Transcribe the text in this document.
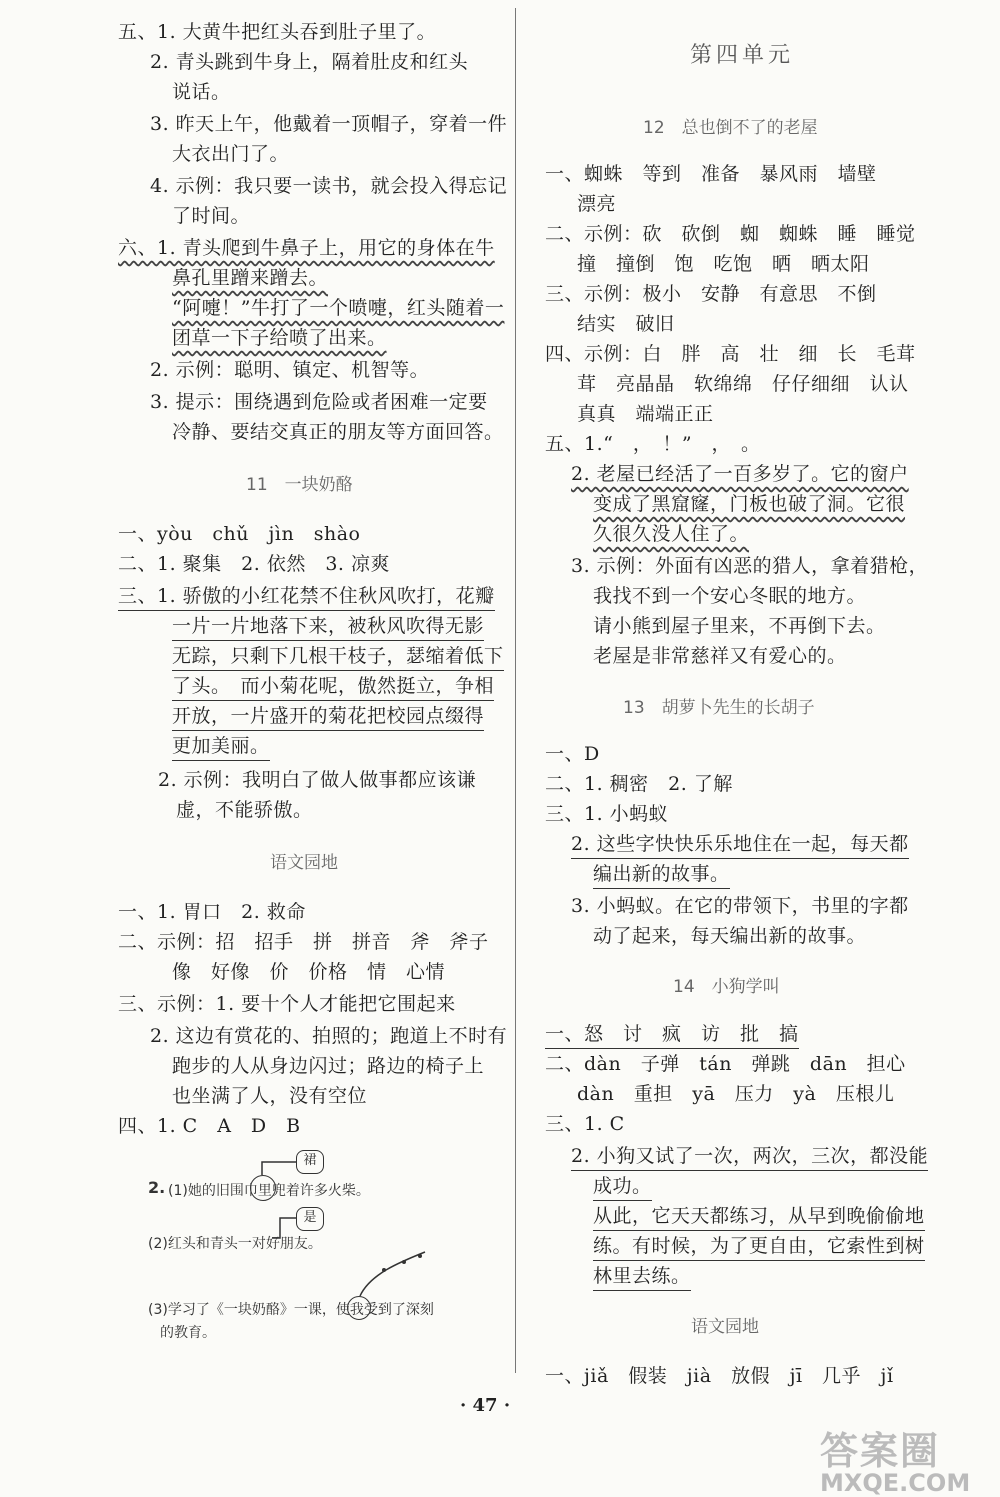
五、1. 大黄牛把红头吞到肚子里了。
2. 青头跳到牛身上，隔着肚皮和红头
说话。
3. 昨天上午，他戴着一顶帽子，穿着一件
大衣出门了。
4. 示例：我只要一读书，就会投入得忘记
了时间。
六、1. 青头爬到牛鼻子上，用它的身体在牛
鼻孔里蹭来蹭去。
“阿嚏！”牛打了一个喷嚏，红头随着一
团草一下子给喷了出来。
2. 示例：聪明、镇定、机智等。
3. 提示：围绕遇到危险或者困难一定要
冷静、要结交真正的朋友等方面回答。
一、yòu　chǔ　jìn　shào
二、1. 聚集　2. 依然　3. 凉爽
三、1. 骄傲的小红花禁不住秋风吹打，花瓣
一片一片地落下来，被秋风吹得无影
无踪，只剩下几根干枝子，瑟缩着低下
了头。　而小菊花呢，傲然挺立，争相
开放，一片盛开的菊花把校园点缀得
更加美丽。
2. 示例：我明白了做人做事都应该谦
虚，不能骄傲。
一、1. 胃口　2. 救命
二、示例：招　招手　拼　拼音　斧　斧子
像　好像　价　价格　情　心情
三、示例：1. 要十个人才能把它围起来
2. 这边有赏花的、拍照的；跑道上不时有
跑步的人从身边闪过；路边的椅子上
也坐满了人，没有空位
四、1. C　A　D　B
11　一块奶酪
语文园地
第四单元
一、蜘蛛　等到　准备　暴风雨　墙壁
漂亮
二、示例：砍　砍倒　蜘　蜘蛛　睡　睡觉
撞　撞倒　饱　吃饱　晒　晒太阳
三、示例：极小　安静　有意思　不倒
结实　破旧
四、示例：白　胖　高　壮　细　长　毛茸
茸　亮晶晶　软绵绵　仔仔细细　认认
真真　端端正正
五、1.“　，　！”　，　。
2. 老屋已经活了一百多岁了。它的窗户
变成了黑窟窿，门板也破了洞。它很
久很久没人住了。
3. 示例：外面有凶恶的猎人，拿着猎枪，
我找不到一个安心冬眠的地方。
请小熊到屋子里来，不再倒下去。
老屋是非常慈祥又有爱心的。
一、D
二、1. 稠密　2. 了解
三、1. 小蚂蚁
2. 这些字快快乐乐地住在一起，每天都
编出新的故事。
3. 小蚂蚁。在它的带领下，书里的字都
动了起来，每天编出新的故事。
一、怒　讨　疯　访　批　搞
二、dàn　子弹　tán　弹跳　dān　担心
dàn　重担　yā　压力　yà　压根儿
三、1. C
2. 小狗又试了一次，两次，三次，都没能
成功。
从此，它天天都练习，从早到晚偷偷地
练。有时候，为了更自由，它索性到树
林里去练。
一、jiǎ　假装　jià　放假　jī　几乎　jǐ
12　总也倒不了的老屋
13　胡萝卜先生的长胡子
14　小狗学叫
语文园地
2. (1)她的旧围巾里兜着许多火柴。
裙
(2)红头和青头一对好朋友。
是
(3)学习了《一块奶酪》一课，使我受到了深刻
的教育。
· 47 ·
答案圈
MXQE.COM
